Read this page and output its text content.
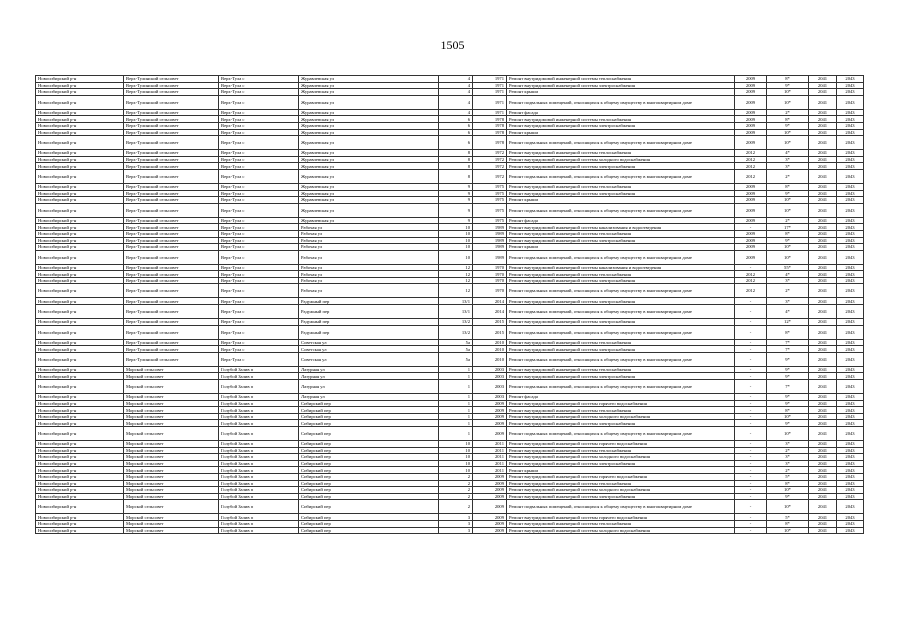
1505
Новосибирский р-н	Верх-Тулинский сельсовет	Верх-Тула с	Журавлевская ул	4	1971	Ремонт внутридомовой инженерной системы теплоснабжения	2009	8*	2041	2043
Новосибирский р-н	Верх-Тулинский сельсовет	Верх-Тула с	Журавлевская ул	4	1971	Ремонт внутридомовой инженерной системы электроснабжения	2009	9*	2041	2043
Новосибирский р-н	Верх-Тулинский сельсовет	Верх-Тула с	Журавлевская ул	4	1971	Ремонт крыши	2009	10*	2041	2043
Новосибирский р-н	Верх-Тулинский сельсовет	Верх-Тула с	Журавлевская ул	4	1971	Ремонт подвальных помещений, относящихся к общему имуществу в многоквартирном доме	2009	10*	2041	2043
Новосибирский р-н	Верх-Тулинский сельсовет	Верх-Тула с	Журавлевская ул	4	1971	Ремонт фасада	2009	2*	2041	2043
Новосибирский р-н	Верх-Тулинский сельсовет	Верх-Тула с	Журавлевская ул	6	1978	Ремонт внутридомовой инженерной системы теплоснабжения	2009	8*	2041	2043
Новосибирский р-н	Верх-Тулинский сельсовет	Верх-Тула с	Журавлевская ул	6	1978	Ремонт внутридомовой инженерной системы электроснабжения	2009	9*	2041	2043
Новосибирский р-н	Верх-Тулинский сельсовет	Верх-Тула с	Журавлевская ул	6	1978	Ремонт крыши	2009	10*	2041	2043
Новосибирский р-н	Верх-Тулинский сельсовет	Верх-Тула с	Журавлевская ул	6	1978	Ремонт подвальных помещений, относящихся к общему имуществу в многоквартирном доме	2009	10*	2041	2043
Новосибирский р-н	Верх-Тулинский сельсовет	Верх-Тула с	Журавлевская ул	8	1972	Ремонт внутридомовой инженерной системы теплоснабжения	2012	4*	2041	2043
Новосибирский р-н	Верх-Тулинский сельсовет	Верх-Тула с	Журавлевская ул	8	1972	Ремонт внутридомовой инженерной системы холодного водоснабжения	2012	3*	2041	2043
Новосибирский р-н	Верх-Тулинский сельсовет	Верх-Тула с	Журавлевская ул	8	1972	Ремонт внутридомовой инженерной системы электроснабжения	2012	3*	2041	2043
Новосибирский р-н	Верх-Тулинский сельсовет	Верх-Тула с	Журавлевская ул	8	1972	Ремонт подвальных помещений, относящихся к общему имуществу в многоквартирном доме	2012	2*	2041	2043
Новосибирский р-н	Верх-Тулинский сельсовет	Верх-Тула с	Журавлевская ул	9	1975	Ремонт внутридомовой инженерной системы теплоснабжения	2009	8*	2041	2043
Новосибирский р-н	Верх-Тулинский сельсовет	Верх-Тула с	Журавлевская ул	9	1975	Ремонт внутридомовой инженерной системы электроснабжения	2009	9*	2041	2043
Новосибирский р-н	Верх-Тулинский сельсовет	Верх-Тула с	Журавлевская ул	9	1975	Ремонт крыши	2009	10*	2041	2043
Новосибирский р-н	Верх-Тулинский сельсовет	Верх-Тула с	Журавлевская ул	9	1975	Ремонт подвальных помещений, относящихся к общему имуществу в многоквартирном доме	2009	10*	2041	2043
Новосибирский р-н	Верх-Тулинский сельсовет	Верх-Тула с	Журавлевская ул	9	1975	Ремонт фасада	2009	2*	2041	2043
Новосибирский р-н	Верх-Тулинский сельсовет	Верх-Тула с	Рабочая ул	10	1989	Ремонт внутридомовой инженерной системы канализования и водоотведения	-	17*	2041	2043
Новосибирский р-н	Верх-Тулинский сельсовет	Верх-Тула с	Рабочая ул	10	1989	Ремонт внутридомовой инженерной системы теплоснабжения	2009	8*	2041	2043
Новосибирский р-н	Верх-Тулинский сельсовет	Верх-Тула с	Рабочая ул	10	1989	Ремонт внутридомовой инженерной системы электроснабжения	2009	9*	2041	2043
Новосибирский р-н	Верх-Тулинский сельсовет	Верх-Тула с	Рабочая ул	10	1989	Ремонт крыши	2009	10*	2041	2043
Новосибирский р-н	Верх-Тулинский сельсовет	Верх-Тула с	Рабочая ул	10	1989	Ремонт подвальных помещений, относящихся к общему имуществу в многоквартирном доме	2009	10*	2041	2043
Новосибирский р-н	Верх-Тулинский сельсовет	Верх-Тула с	Рабочая ул	12	1970	Ремонт внутридомовой инженерной системы канализования и водоотведения	-	55*	2041	2043
Новосибирский р-н	Верх-Тулинский сельсовет	Верх-Тула с	Рабочая ул	12	1970	Ремонт внутридомовой инженерной системы теплоснабжения	2012	4*	2041	2043
Новосибирский р-н	Верх-Тулинский сельсовет	Верх-Тула с	Рабочая ул	12	1970	Ремонт внутридомовой инженерной системы электроснабжения	2012	3*	2041	2043
Новосибирский р-н	Верх-Тулинский сельсовет	Верх-Тула с	Рабочая ул	12	1970	Ремонт подвальных помещений, относящихся к общему имуществу в многоквартирном доме	2012	2*	2041	2043
Новосибирский р-н	Верх-Тулинский сельсовет	Верх-Тула с	Радужный пер	13/1	2014	Ремонт внутридомовой инженерной системы электроснабжения	-	3*	2041	2043
Новосибирский р-н	Верх-Тулинский сельсовет	Верх-Тула с	Радужный пер	13/1	2014	Ремонт подвальных помещений, относящихся к общему имуществу в многоквартирном доме	-	4*	2041	2043
Новосибирский р-н	Верх-Тулинский сельсовет	Верх-Тула с	Радужный пер	13/2	2015	Ремонт внутридомовой инженерной системы электроснабжения	-	12*	2041	2043
Новосибирский р-н	Верх-Тулинский сельсовет	Верх-Тула с	Радужный пер	13/2	2015	Ремонт подвальных помещений, относящихся к общему имуществу в многоквартирном доме	-	8*	2041	2043
Новосибирский р-н	Верх-Тулинский сельсовет	Верх-Тула с	Советская ул	5а	2010	Ремонт внутридомовой инженерной системы теплоснабжения	-	7*	2041	2043
Новосибирский р-н	Верх-Тулинский сельсовет	Верх-Тула с	Советская ул	5а	2010	Ремонт внутридомовой инженерной системы электроснабжения	-	7*	2041	2043
Новосибирский р-н	Верх-Тулинский сельсовет	Верх-Тула с	Советская ул	5а	2010	Ремонт подвальных помещений, относящихся к общему имуществу в многоквартирном доме	-	9*	2041	2043
Новосибирский р-н	Морской сельсовет	Голубой Залив п	Лазурная ул	1	2003	Ремонт внутридомовой инженерной системы теплоснабжения	-	9*	2041	2043
Новосибирский р-н	Морской сельсовет	Голубой Залив п	Лазурная ул	1	2003	Ремонт внутридомовой инженерной системы электроснабжения	-	9*	2041	2043
Новосибирский р-н	Морской сельсовет	Голубой Залив п	Лазурная ул	1	2003	Ремонт подвальных помещений, относящихся к общему имуществу в многоквартирном доме	-	7*	2041	2043
Новосибирский р-н	Морской сельсовет	Голубой Залив п	Лазурная ул	1	2003	Ремонт фасада	-	9*	2041	2043
Новосибирский р-н	Морской сельсовет	Голубой Залив п	Сибирский пер	1	2009	Ремонт внутридомовой инженерной системы горячего водоснабжения	-	9*	2041	2043
Новосибирский р-н	Морской сельсовет	Голубой Залив п	Сибирский пер	1	2009	Ремонт внутридомовой инженерной системы теплоснабжения	-	8*	2041	2043
Новосибирский р-н	Морской сельсовет	Голубой Залив п	Сибирский пер	1	2009	Ремонт внутридомовой инженерной системы холодного водоснабжения	-	10*	2041	2043
Новосибирский р-н	Морской сельсовет	Голубой Залив п	Сибирский пер	1	2009	Ремонт внутридомовой инженерной системы электроснабжения	-	9*	2041	2043
Новосибирский р-н	Морской сельсовет	Голубой Залив п	Сибирский пер	1	2009	Ремонт подвальных помещений, относящихся к общему имуществу в многоквартирном доме	-	10*	2041	2043
Новосибирский р-н	Морской сельсовет	Голубой Залив п	Сибирский пер	10	2011	Ремонт внутридомовой инженерной системы горячего водоснабжения	-	3*	2041	2043
Новосибирский р-н	Морской сельсовет	Голубой Залив п	Сибирский пер	10	2011	Ремонт внутридомовой инженерной системы теплоснабжения	-	2*	2041	2043
Новосибирский р-н	Морской сельсовет	Голубой Залив п	Сибирский пер	10	2011	Ремонт внутридомовой инженерной системы холодного водоснабжения	-	3*	2041	2043
Новосибирский р-н	Морской сельсовет	Голубой Залив п	Сибирский пер	10	2011	Ремонт внутридомовой инженерной системы электроснабжения	-	3*	2041	2043
Новосибирский р-н	Морской сельсовет	Голубой Залив п	Сибирский пер	10	2011	Ремонт крыши	-	2*	2041	2043
Новосибирский р-н	Морской сельсовет	Голубой Залив п	Сибирский пер	2	2009	Ремонт внутридомовой инженерной системы горячего водоснабжения	-	5*	2041	2043
Новосибирский р-н	Морской сельсовет	Голубой Залив п	Сибирский пер	2	2009	Ремонт внутридомовой инженерной системы теплоснабжения	-	8*	2041	2043
Новосибирский р-н	Морской сельсовет	Голубой Залив п	Сибирский пер	2	2009	Ремонт внутридомовой инженерной системы холодного водоснабжения	-	10*	2041	2043
Новосибирский р-н	Морской сельсовет	Голубой Залив п	Сибирский пер	2	2009	Ремонт внутридомовой инженерной системы электроснабжения	-	9*	2041	2043
Новосибирский р-н	Морской сельсовет	Голубой Залив п	Сибирский пер	2	2009	Ремонт подвальных помещений, относящихся к общему имуществу в многоквартирном доме	-	10*	2041	2043
Новосибирский р-н	Морской сельсовет	Голубой Залив п	Сибирский пер	3	2009	Ремонт внутридомовой инженерной системы горячего водоснабжения	-	5*	2041	2043
Новосибирский р-н	Морской сельсовет	Голубой Залив п	Сибирский пер	3	2009	Ремонт внутридомовой инженерной системы теплоснабжения	-	8*	2041	2043
Новосибирский р-н	Морской сельсовет	Голубой Залив п	Сибирский пер	3	2009	Ремонт внутридомовой инженерной системы холодного водоснабжения	-	10*	2041	2043
